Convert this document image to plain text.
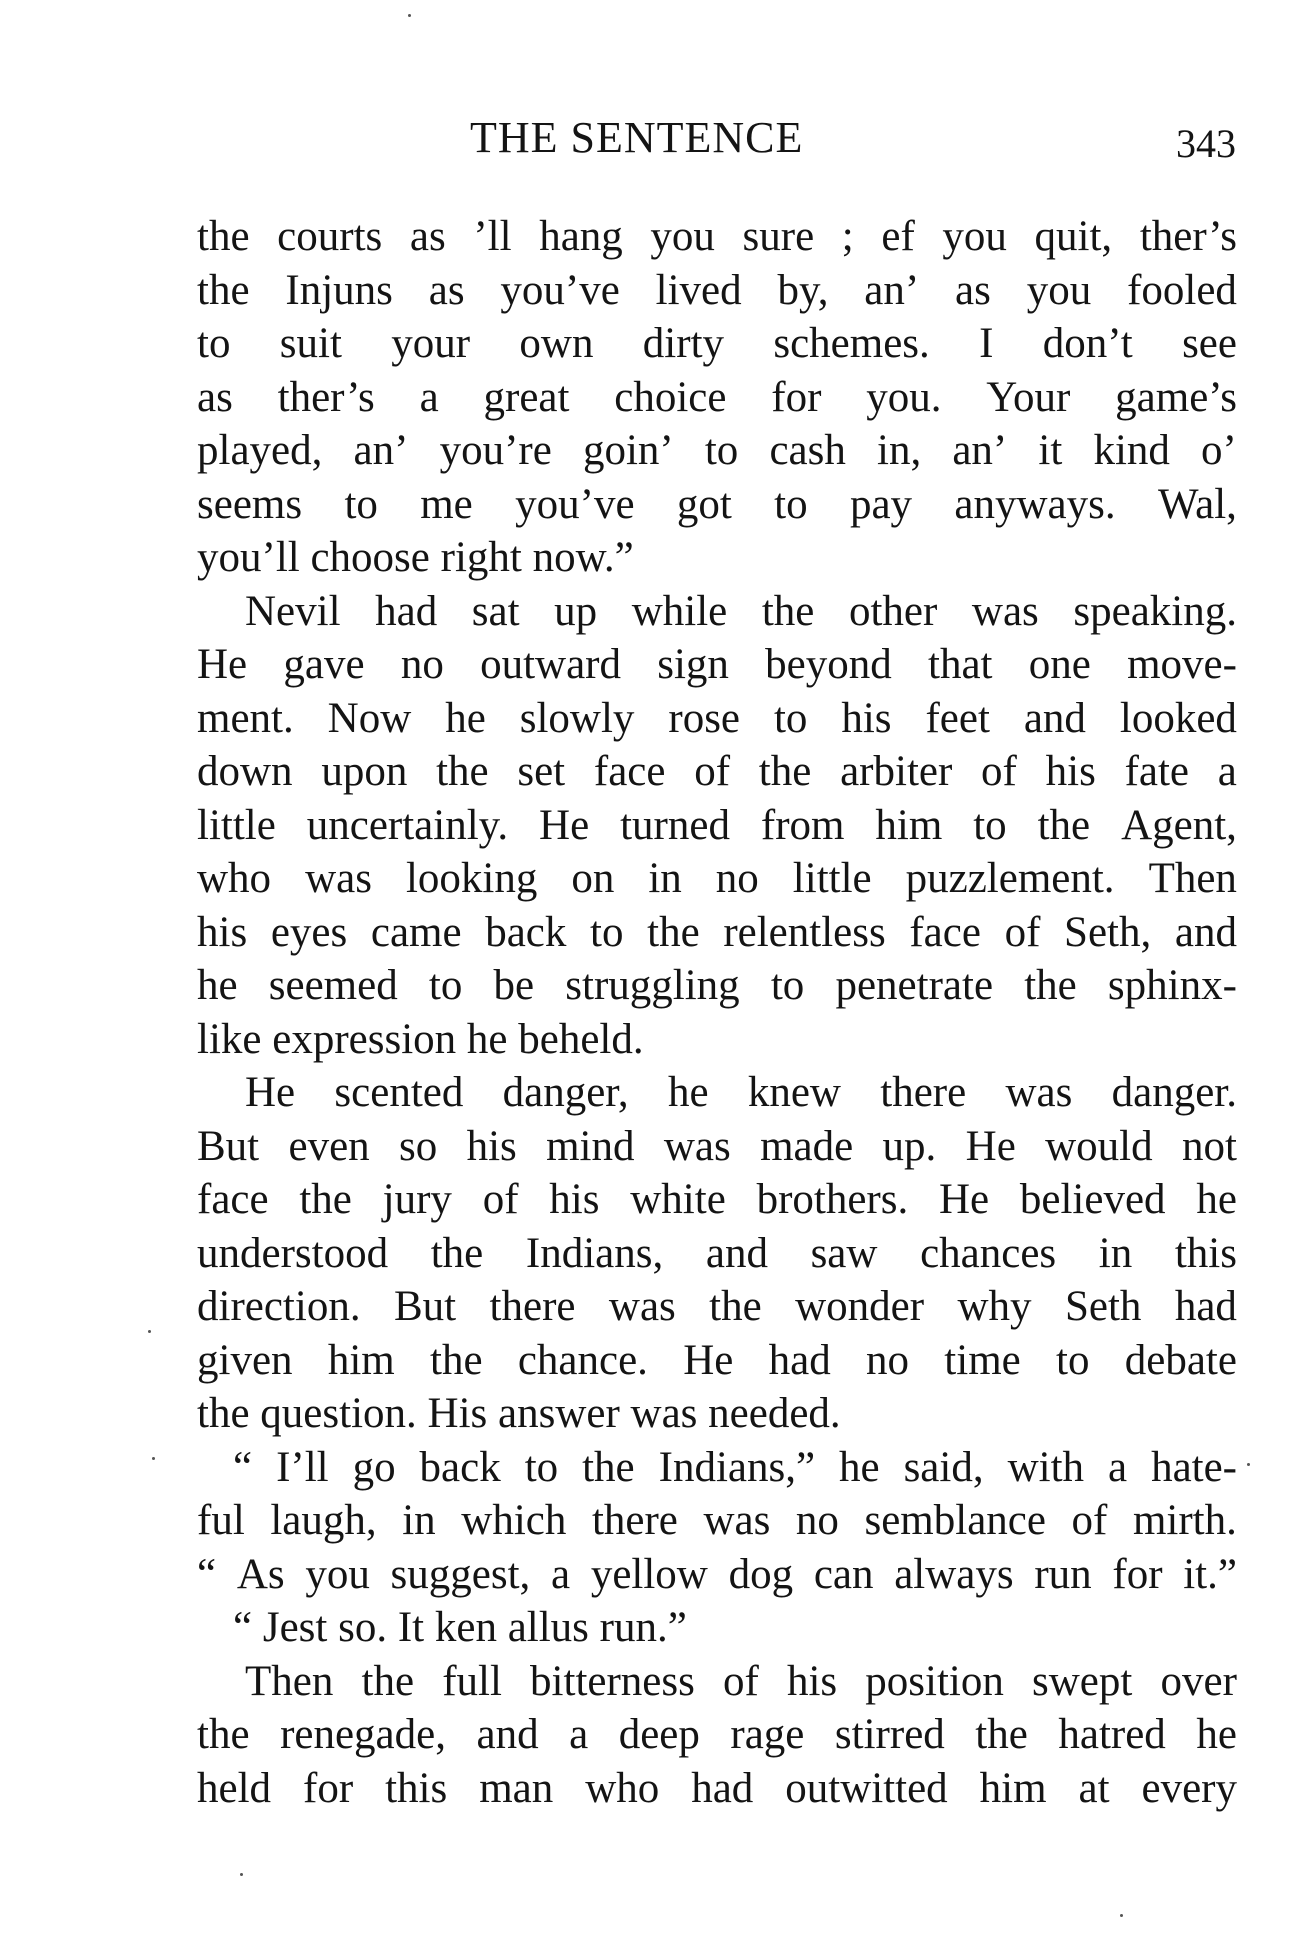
THE SENTENCE	343
the courts as ’ll hang you sure ; ef you quit, ther’s
the Injuns as you’ve lived by, an’ as you fooled
to suit your own dirty schemes. I don’t see
as ther’s a great choice for you. Your game’s
played, an’ you’re goin’ to cash in, an’ it kind o’
seems to me you’ve got to pay anyways. Wal,
you’ll choose right now.”
Nevil had sat up while the other was speaking.
He gave no outward sign beyond that one move-
ment. Now he slowly rose to his feet and looked
down upon the set face of the arbiter of his fate a
little uncertainly. He turned from him to the Agent,
who was looking on in no little puzzlement. Then
his eyes came back to the relentless face of Seth, and
he seemed to be struggling to penetrate the sphinx-
like expression he beheld.
He scented danger, he knew there was danger.
But even so his mind was made up. He would not
face the jury of his white brothers. He believed he
understood the Indians, and saw chances in this
direction. But there was the wonder why Seth had
given him the chance. He had no time to debate
the question. His answer was needed.
“ I’ll go back to the Indians,” he said, with a hate-
ful laugh, in which there was no semblance of mirth.
“ As you suggest, a yellow dog can always run for it.”
“ Jest so. It ken allus run.”
Then the full bitterness of his position swept over
the renegade, and a deep rage stirred the hatred he
held for this man who had outwitted him at every
